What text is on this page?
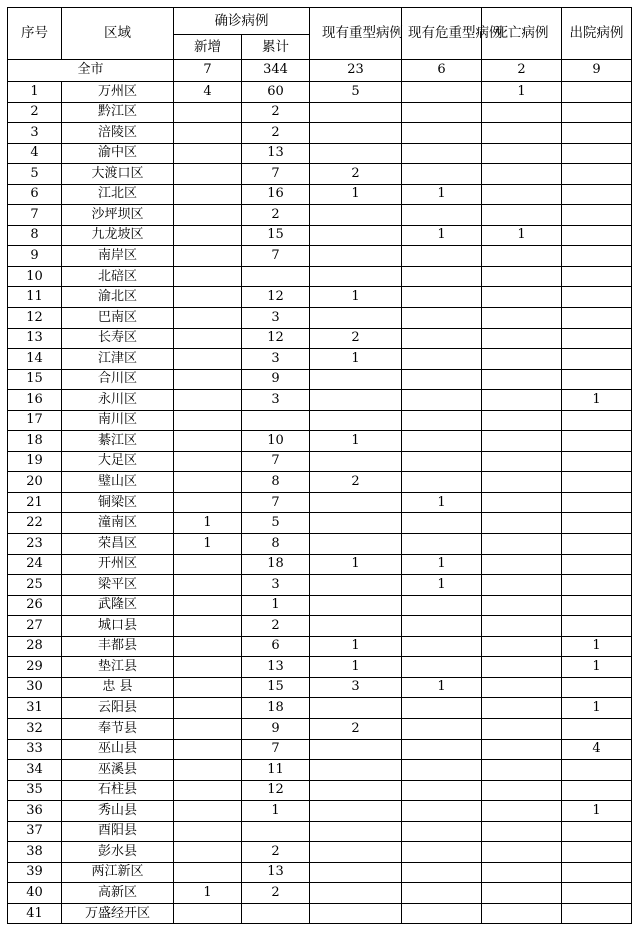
序号	区域	确诊病例		现有重型病例	现有危重型病例	死亡病例	出院病例
		新增	累计				
全市		7	344	23	6	2	9
1	万州区	4	60	5		1	
2	黔江区		2				
3	涪陵区		2				
4	渝中区		13				
5	大渡口区		7	2			
6	江北区		16	1	1		
7	沙坪坝区		2				
8	九龙坡区		15		1	1	
9	南岸区		7				
10	北碚区						
11	渝北区		12	1			
12	巴南区		3				
13	长寿区		12	2			
14	江津区		3	1			
15	合川区		9				
16	永川区		3				1
17	南川区						
18	綦江区		10	1			
19	大足区		7				
20	璧山区		8	2			
21	铜梁区		7		1		
22	潼南区	1	5				
23	荣昌区	1	8				
24	开州区		18	1	1		
25	梁平区		3		1		
26	武隆区		1				
27	城口县		2				
28	丰都县		6	1			1
29	垫江县		13	1			1
30	忠 县		15	3	1		
31	云阳县		18				1
32	奉节县		9	2			
33	巫山县		7				4
34	巫溪县		11				
35	石柱县		12				
36	秀山县		1				1
37	酉阳县						
38	彭水县		2				
39	两江新区		13				
40	高新区	1	2				
41	万盛经开区						
